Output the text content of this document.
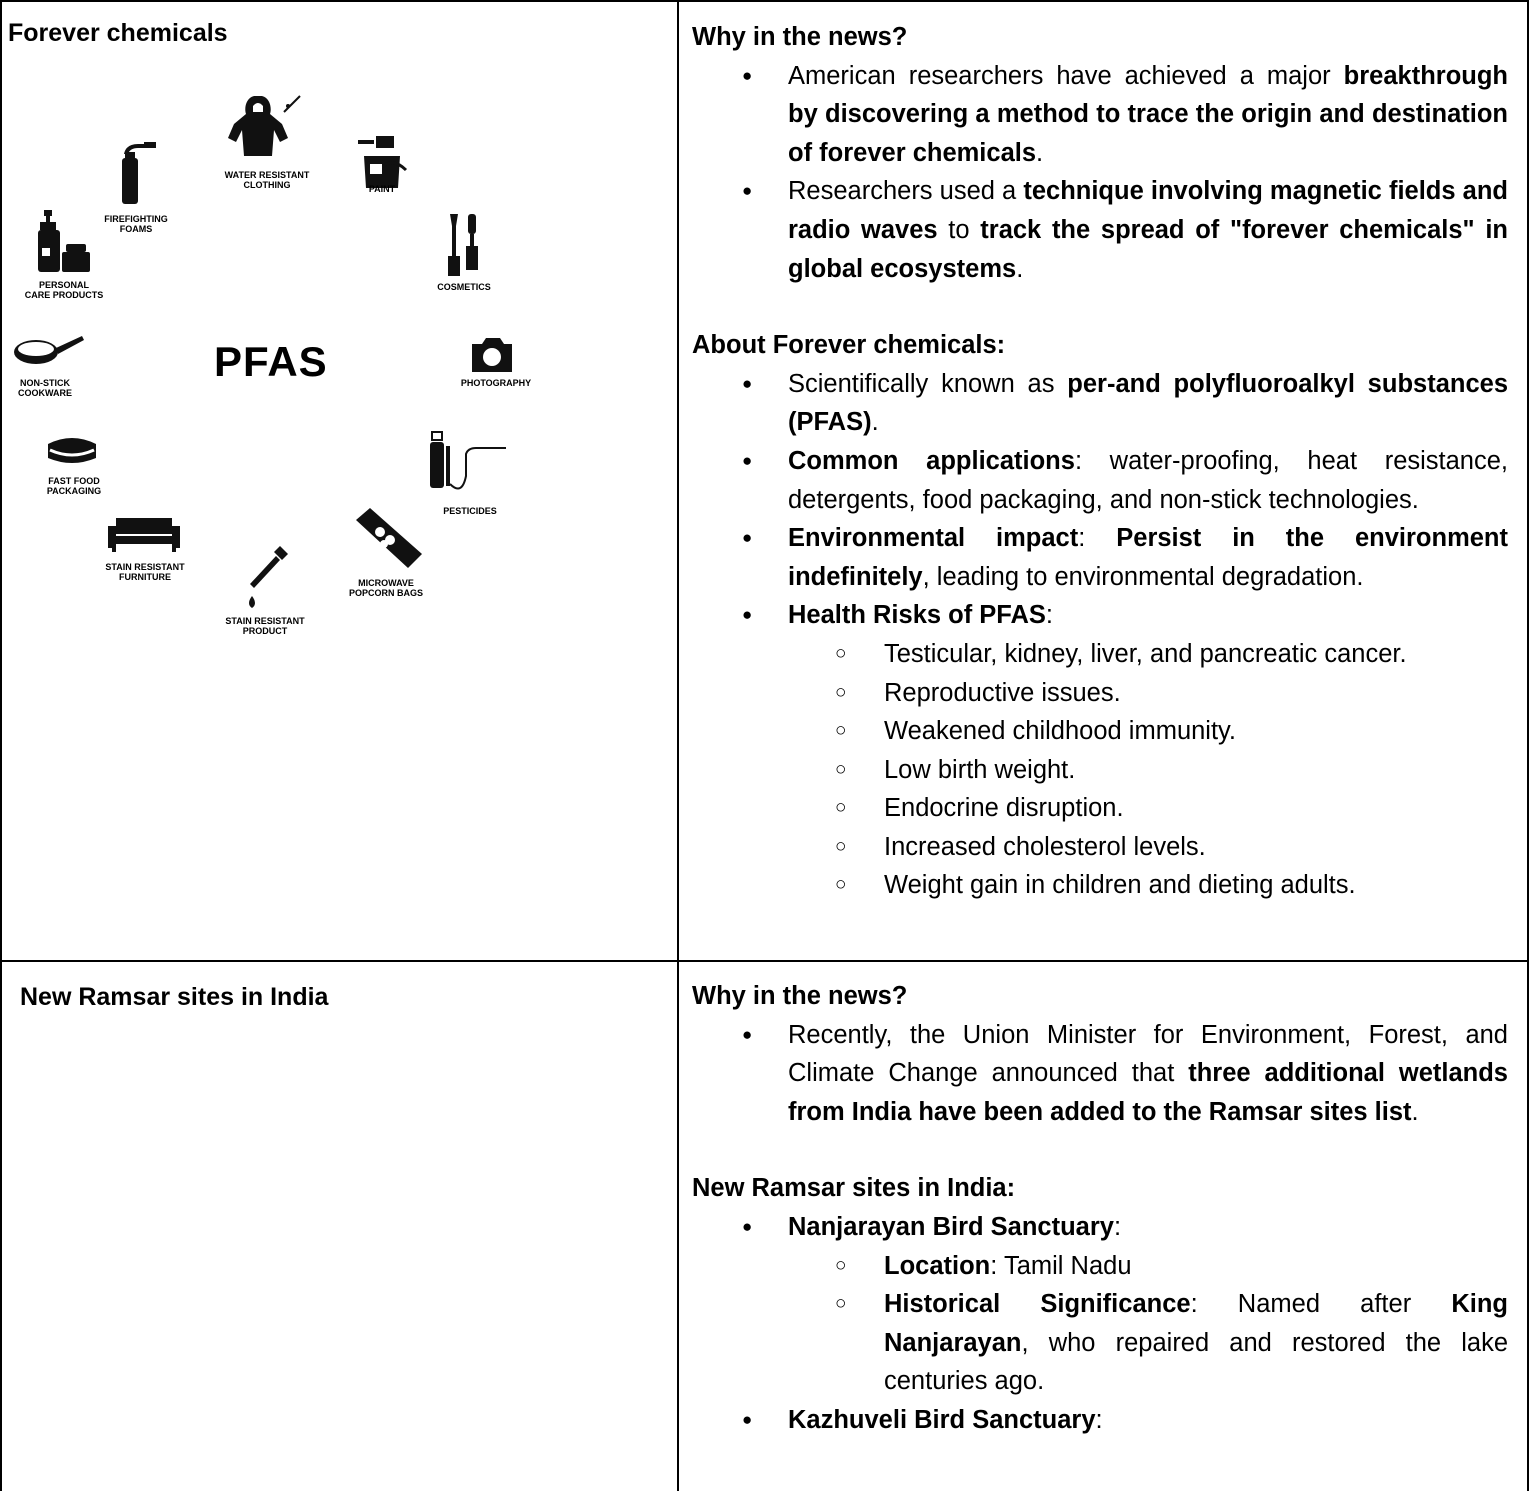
Forever chemicals
PFAS
WATER RESISTANT
CLOTHING
FIREFIGHTING
FOAMS
PAINT
PERSONAL
CARE PRODUCTS
COSMETICS
NON-STICK
COOKWARE
PHOTOGRAPHY
FAST FOOD
PACKAGING
PESTICIDES
STAIN RESISTANT
FURNITURE
MICROWAVE
POPCORN BAGS
STAIN RESISTANT
PRODUCT
Why in the news?
● American researchers have achieved a major breakthrough by discovering a method to trace the origin and destination of forever chemicals.
● Researchers used a technique involving magnetic fields and radio waves to track the spread of "forever chemicals" in global ecosystems.
About Forever chemicals:
● Scientifically known as per-and polyfluoroalkyl substances (PFAS).
● Common applications: water-proofing, heat resistance, detergents, food packaging, and non-stick technologies.
● Environmental impact: Persist in the environment indefinitely, leading to environmental degradation.
● Health Risks of PFAS:
○ Testicular, kidney, liver, and pancreatic cancer.
○ Reproductive issues.
○ Weakened childhood immunity.
○ Low birth weight.
○ Endocrine disruption.
○ Increased cholesterol levels.
○ Weight gain in children and dieting adults.
New Ramsar sites in India	Why in the news?
● Recently, the Union Minister for Environment, Forest, and Climate Change announced that three additional wetlands from India have been added to the Ramsar sites list.
New Ramsar sites in India:
● Nanjarayan Bird Sanctuary:
○ Location: Tamil Nadu
○ Historical Significance: Named after King Nanjarayan, who repaired and restored the lake centuries ago.
● Kazhuveli Bird Sanctuary:
